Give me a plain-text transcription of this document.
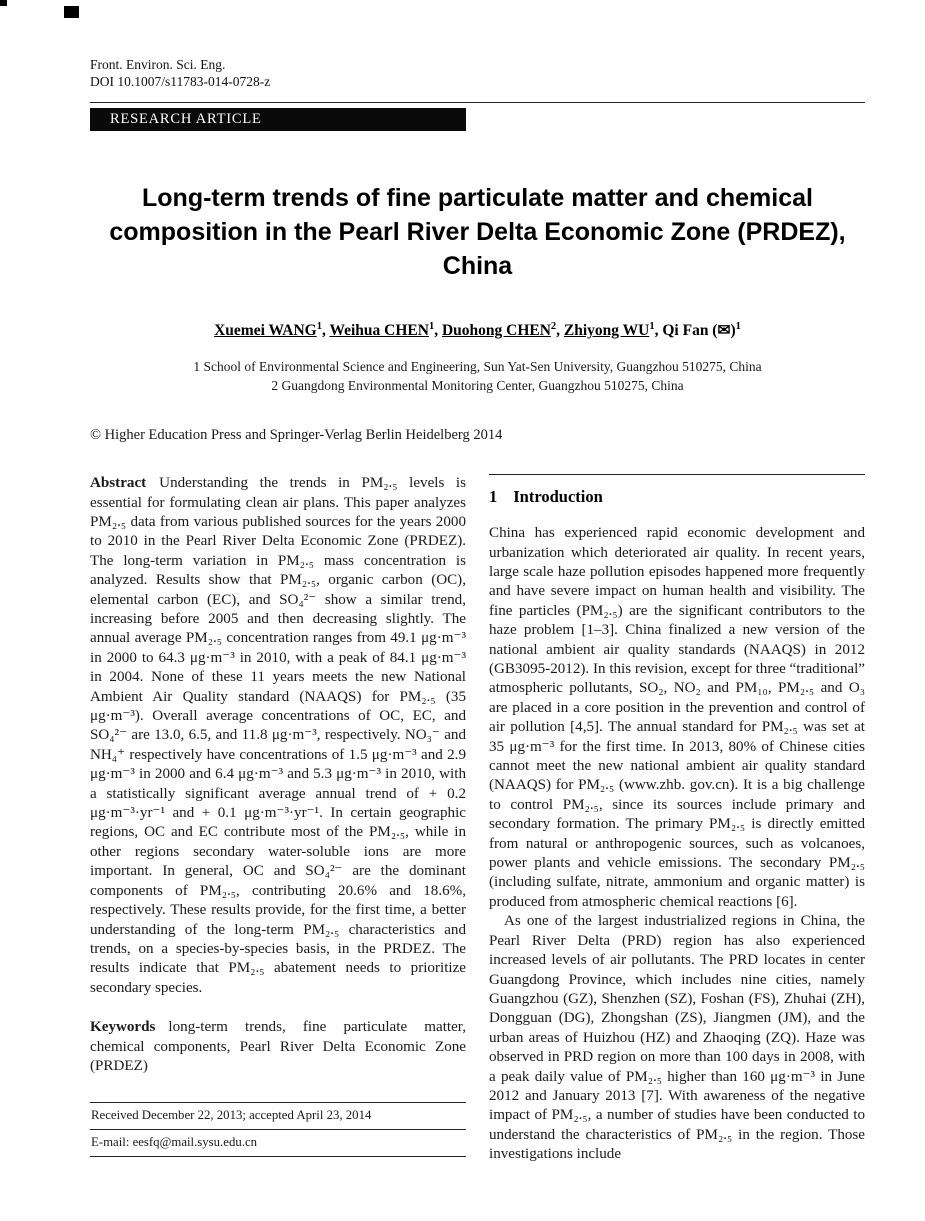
Front. Environ. Sci. Eng.
DOI 10.1007/s11783-014-0728-z
RESEARCH ARTICLE
Long-term trends of fine particulate matter and chemical composition in the Pearl River Delta Economic Zone (PRDEZ), China
Xuemei WANG$^1$, Weihua CHEN$^1$, Duohong CHEN$^2$, Zhiyong $WU^1$, Qi Fan (✉)$^1$
1 School of Environmental Science and Engineering, Sun Yat-Sen University, Guangzhou 510275, China
2 Guangdong Environmental Monitoring Center, Guangzhou 510275, China
© Higher Education Press and Springer-Verlag Berlin Heidelberg 2014

Abstract Understanding the trends in PM₂.₅ levels is essential for formulating clean air plans. This paper analyzes PM₂.₅ data from various published sources for the years 2000 to 2010 in the Pearl River Delta Economic Zone (PRDEZ). The long-term variation in PM₂.₅ mass concentration is analyzed. Results show that PM₂.₅, organic carbon (OC), elemental carbon (EC), and SO₄²⁻ show a similar trend, increasing before 2005 and then decreasing slightly. The annual average PM₂.₅ concentration ranges from 49.1 μg·m⁻³ in 2000 to 64.3 μg·m⁻³ in 2010, with a peak of 84.1 μg·m⁻³ in 2004. None of these 11 years meets the new National Ambient Air Quality standard (NAAQS) for PM₂.₅ (35 μg·m⁻³). Overall average concentrations of OC, EC, and SO₄²⁻ are 13.0, 6.5, and 11.8 μg·m⁻³, respectively. NO₃⁻ and NH₄⁺ respectively have concentrations of 1.5 μg·m⁻³ and 2.9 μg·m⁻³ in 2000 and 6.4 μg·m⁻³ and 5.3 μg·m⁻³ in 2010, with a statistically significant average annual trend of + 0.2 μg·m⁻³·yr⁻¹ and + 0.1 μg·m⁻³·yr⁻¹. In certain geographic regions, OC and EC contribute most of the PM₂.₅, while in other regions secondary water-soluble ions are more important. In general, OC and SO₄²⁻ are the dominant components of PM₂.₅, contributing 20.6% and 18.6%, respectively. These results provide, for the first time, a better understanding of the long-term PM₂.₅ characteristics and trends, on a species-by-species basis, in the PRDEZ. The results indicate that PM₂.₅ abatement needs to prioritize secondary species.

Keywords long-term trends, fine particulate matter, chemical components, Pearl River Delta Economic Zone (PRDEZ)

Received December 22, 2013; accepted April 23, 2014
E-mail: eesfq@mail.sysu.edu.cn
1 Introduction

China has experienced rapid economic development and urbanization which deteriorated air quality. In recent years, large scale haze pollution episodes happened more frequently and have severe impact on human health and visibility. The fine particles (PM₂.₅) are the significant contributors to the haze problem [1–3]. China finalized a new version of the national ambient air quality standards (NAAQS) in 2012 (GB3095-2012). In this revision, except for three “traditional” atmospheric pollutants, SO₂, NO₂ and PM₁₀, PM₂.₅ and O₃ are placed in a core position in the prevention and control of air pollution [4,5]. The annual standard for PM₂.₅ was set at 35 μg·m⁻³ for the first time. In 2013, 80% of Chinese cities cannot meet the new national ambient air quality standard (NAAQS) for PM₂.₅ (www.zhb. gov.cn). It is a big challenge to control PM₂.₅, since its sources include primary and secondary formation. The primary PM₂.₅ is directly emitted from natural or anthropogenic sources, such as volcanoes, power plants and vehicle emissions. The secondary PM₂.₅ (including sulfate, nitrate, ammonium and organic matter) is produced from atmospheric chemical reactions [6].

As one of the largest industrialized regions in China, the Pearl River Delta (PRD) region has also experienced increased levels of air pollutants. The PRD locates in center Guangdong Province, which includes nine cities, namely Guangzhou (GZ), Shenzhen (SZ), Foshan (FS), Zhuhai (ZH), Dongguan (DG), Zhongshan (ZS), Jiangmen (JM), and the urban areas of Huizhou (HZ) and Zhaoqing (ZQ). Haze was observed in PRD region on more than 100 days in 2008, with a peak daily value of PM₂.₅ higher than 160 μg·m⁻³ in June 2012 and January 2013 [7]. With awareness of the negative impact of PM₂.₅, a number of studies have been conducted to understand the characteristics of PM₂.₅ in the region. Those investigations include
